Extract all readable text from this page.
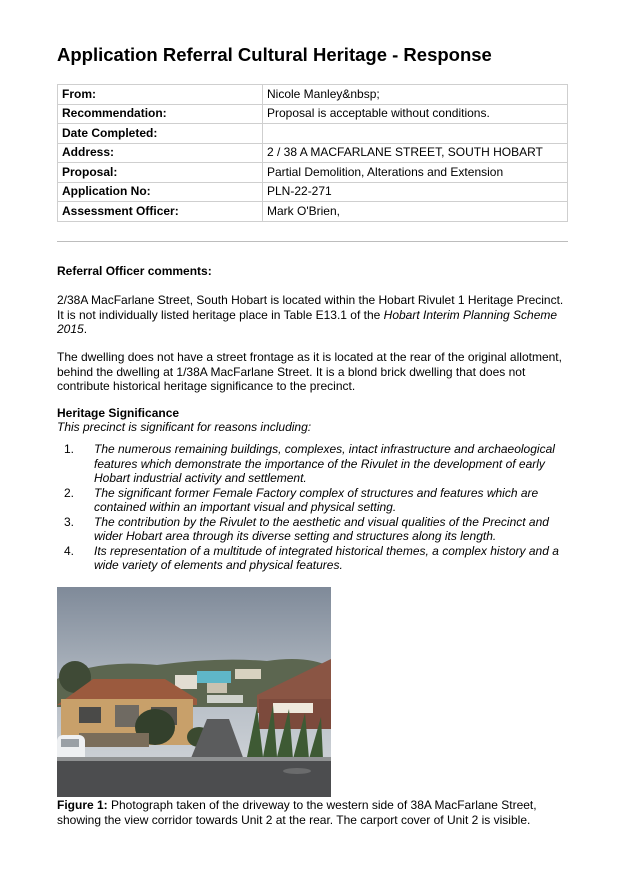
Application Referral Cultural Heritage - Response
From:	Nicole Manley&nbsp;
Recommendation:	Proposal is acceptable without conditions.
Date Completed:	
Address:	2 / 38 A MACFARLANE STREET, SOUTH HOBART
Proposal:	Partial Demolition, Alterations and Extension
Application No:	PLN-22-271
Assessment Officer:	Mark O'Brien,
Referral Officer comments:
2/38A MacFarlane Street, South Hobart is located within the Hobart Rivulet 1 Heritage Precinct. It is not individually listed heritage place in Table E13.1 of the Hobart Interim Planning Scheme 2015.
The dwelling does not have a street frontage as it is located at the rear of the original allotment, behind the dwelling at 1/38A MacFarlane Street. It is a blond brick dwelling that does not contribute historical heritage significance to the precinct.
Heritage Significance
This precinct is significant for reasons including:
1. The numerous remaining buildings, complexes, intact infrastructure and archaeological features which demonstrate the importance of the Rivulet in the development of early Hobart industrial activity and settlement.
2. The significant former Female Factory complex of structures and features which are contained within an important visual and physical setting.
3. The contribution by the Rivulet to the aesthetic and visual qualities of the Precinct and wider Hobart area through its diverse setting and structures along its length.
4. Its representation of a multitude of integrated historical themes, a complex history and a wide variety of elements and physical features.
Figure 1: Photograph taken of the driveway to the western side of 38A MacFarlane Street, showing the view corridor towards Unit 2 at the rear. The carport cover of Unit 2 is visible.
